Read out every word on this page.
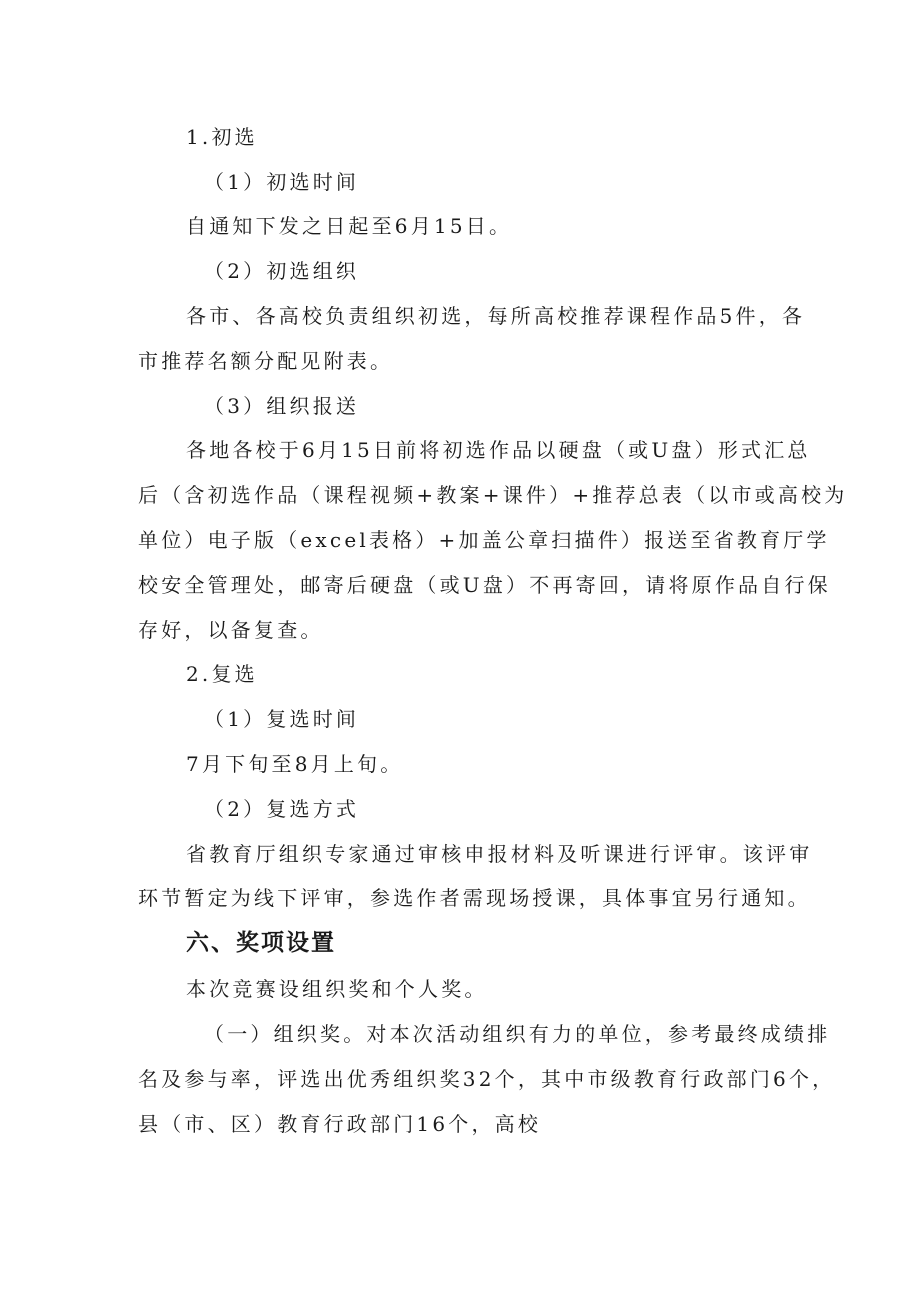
1.初选
（1）初选时间
自通知下发之日起至6月15日。
（2）初选组织
各市、各高校负责组织初选，每所高校推荐课程作品5件，各
市推荐名额分配见附表。
（3）组织报送
各地各校于6月15日前将初选作品以硬盘（或U盘）形式汇总
后（含初选作品（课程视频+教案+课件）+推荐总表（以市或高校为
单位）电子版（excel表格）+加盖公章扫描件）报送至省教育厅学
校安全管理处，邮寄后硬盘（或U盘）不再寄回，请将原作品自行保
存好，以备复查。
2.复选
（1）复选时间
7月下旬至8月上旬。
（2）复选方式
省教育厅组织专家通过审核申报材料及听课进行评审。该评审
环节暂定为线下评审，参选作者需现场授课，具体事宜另行通知。
六、奖项设置
本次竞赛设组织奖和个人奖。
（一）组织奖。对本次活动组织有力的单位，参考最终成绩排
名及参与率，评选出优秀组织奖32个，其中市级教育行政部门6个，
县（市、区）教育行政部门16个，高校
